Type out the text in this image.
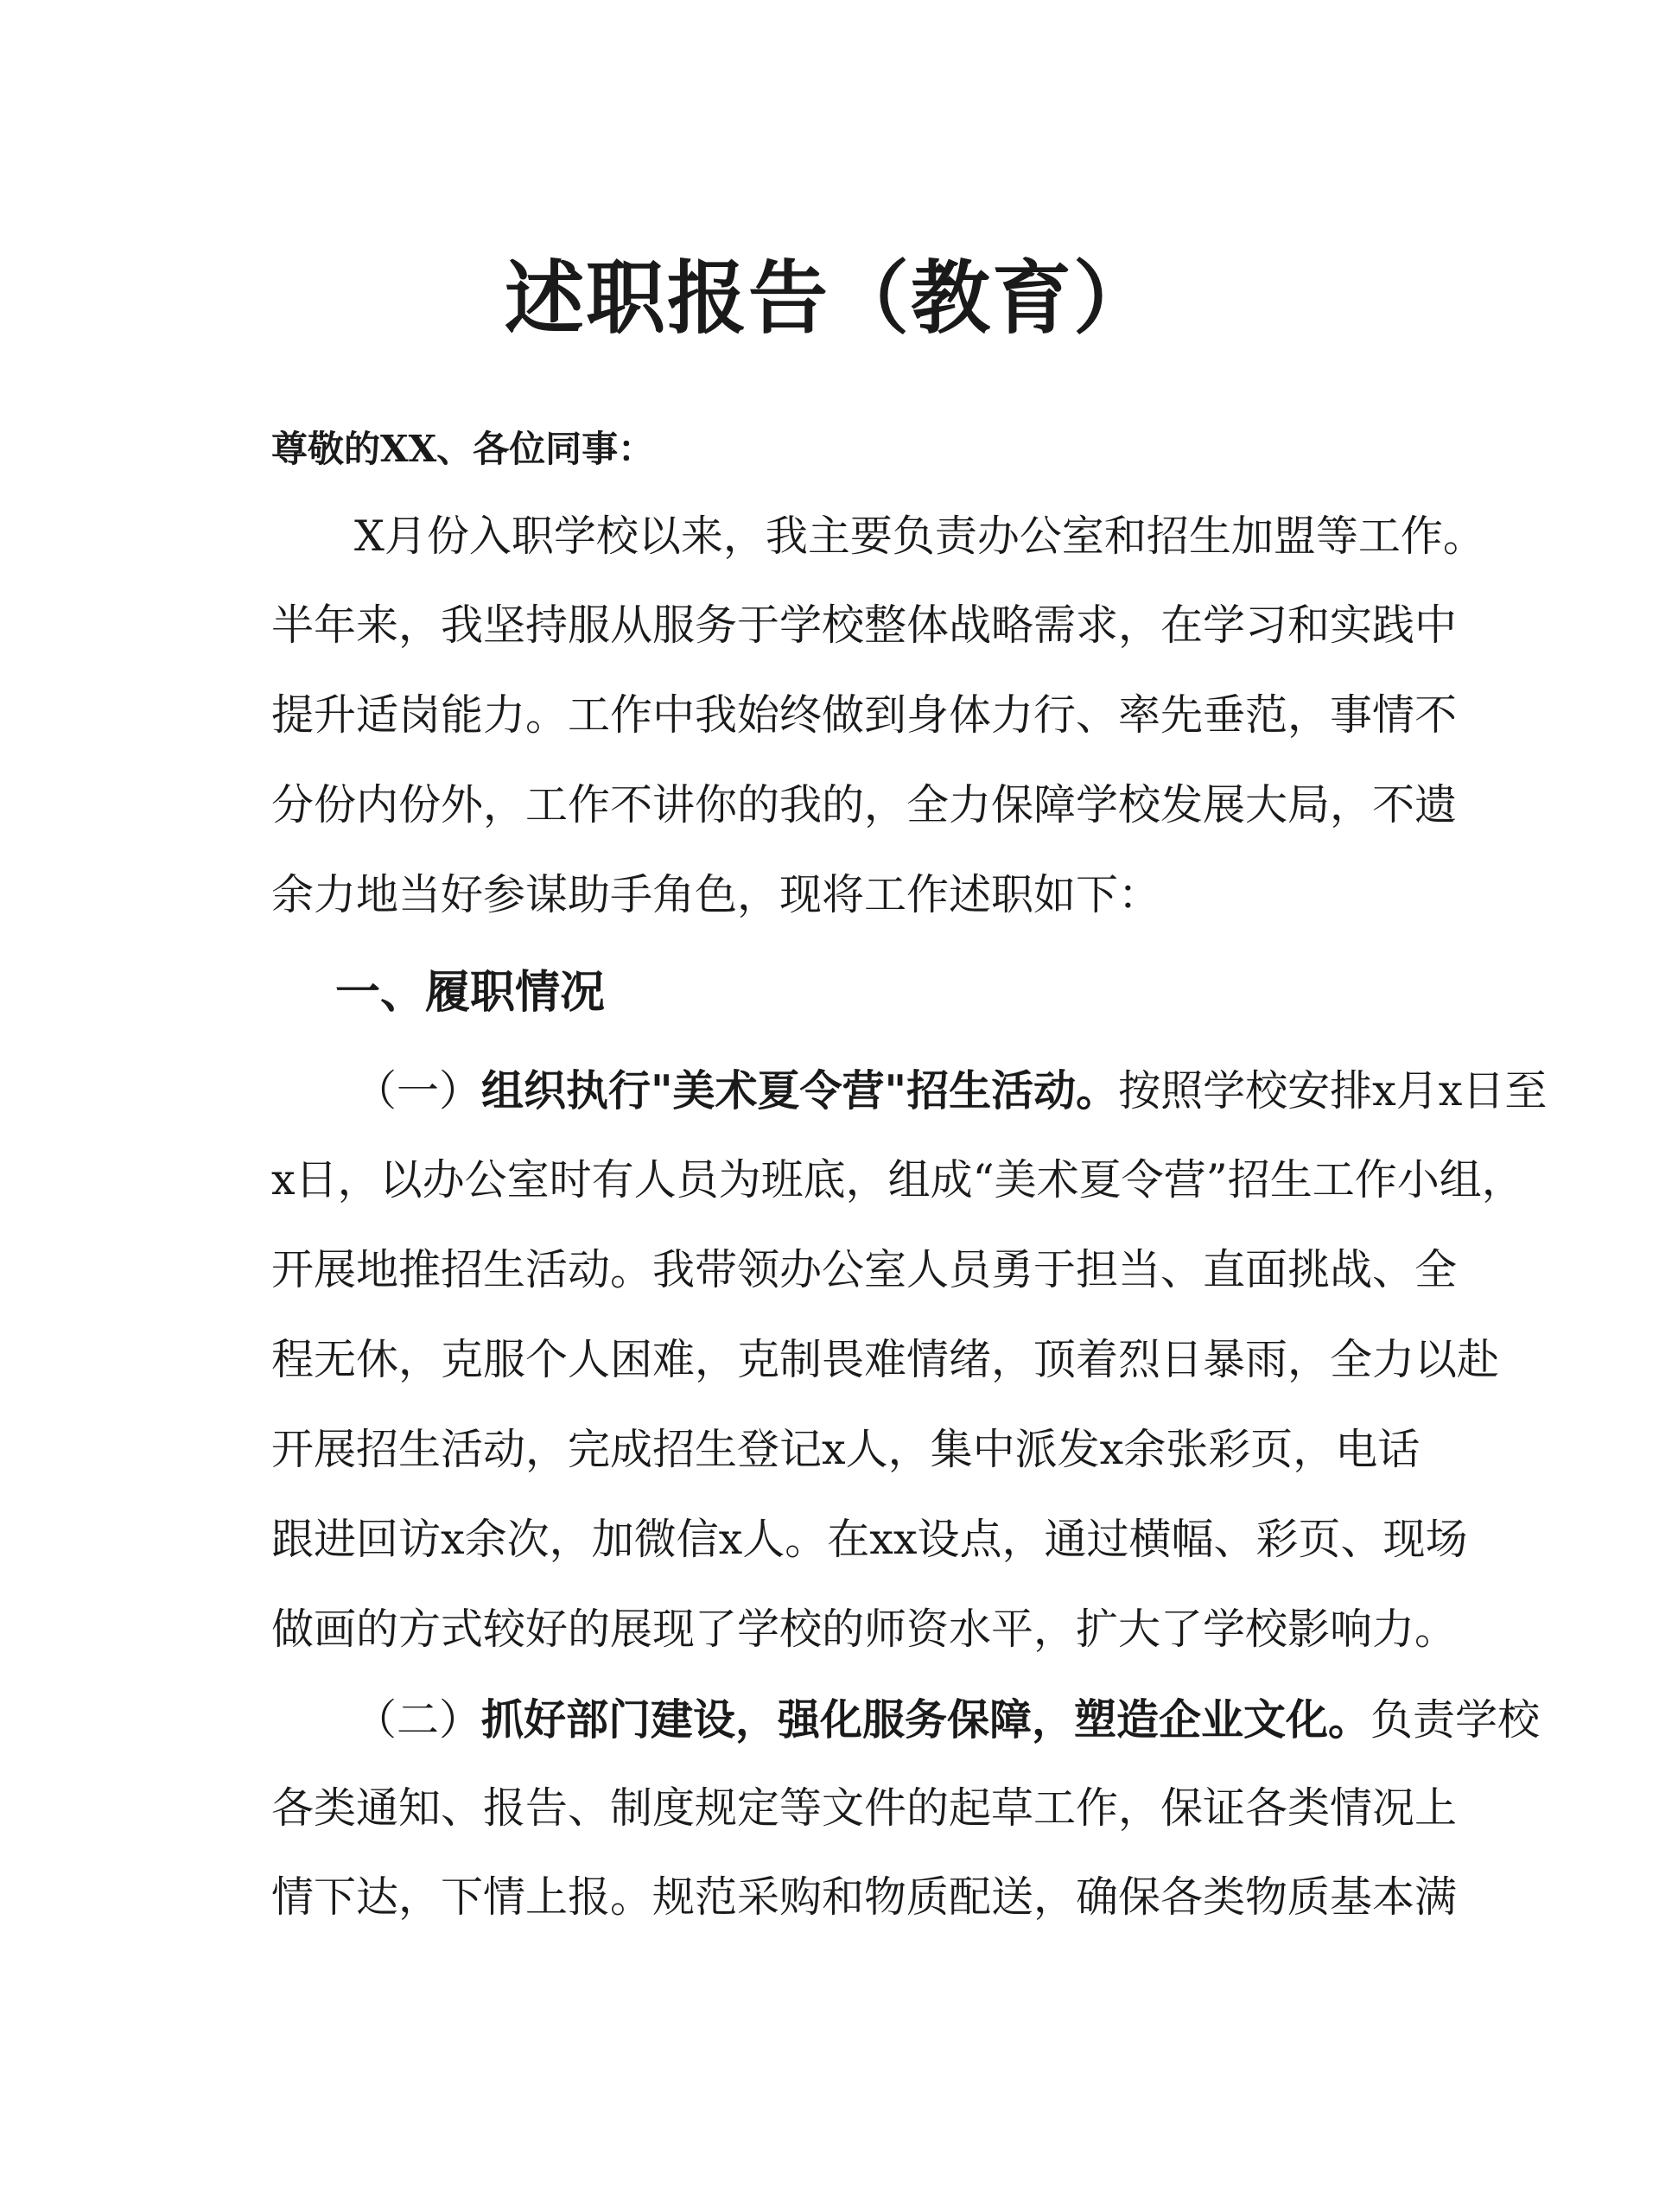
述职报告（教育）
尊敬的XX、各位同事：
X月份入职学校以来，我主要负责办公室和招生加盟等工作。
半年来，我坚持服从服务于学校整体战略需求，在学习和实践中
提升适岗能力。工作中我始终做到身体力行、率先垂范，事情不
分份内份外，工作不讲你的我的，全力保障学校发展大局，不遗
余力地当好参谋助手角色，现将工作述职如下：
一、履职情况
（一）组织执行"美术夏令营"招生活动。按照学校安排x月x日至
x日，以办公室时有人员为班底，组成“美术夏令营”招生工作小组，
开展地推招生活动。我带领办公室人员勇于担当、直面挑战、全
程无休，克服个人困难，克制畏难情绪，顶着烈日暴雨，全力以赴
开展招生活动，完成招生登记x人，集中派发x余张彩页，电话
跟进回访x余次，加微信x人。在xx设点，通过横幅、彩页、现场
做画的方式较好的展现了学校的师资水平，扩大了学校影响力。
（二）抓好部门建设，强化服务保障，塑造企业文化。负责学校
各类通知、报告、制度规定等文件的起草工作，保证各类情况上
情下达，下情上报。规范采购和物质配送，确保各类物质基本满
